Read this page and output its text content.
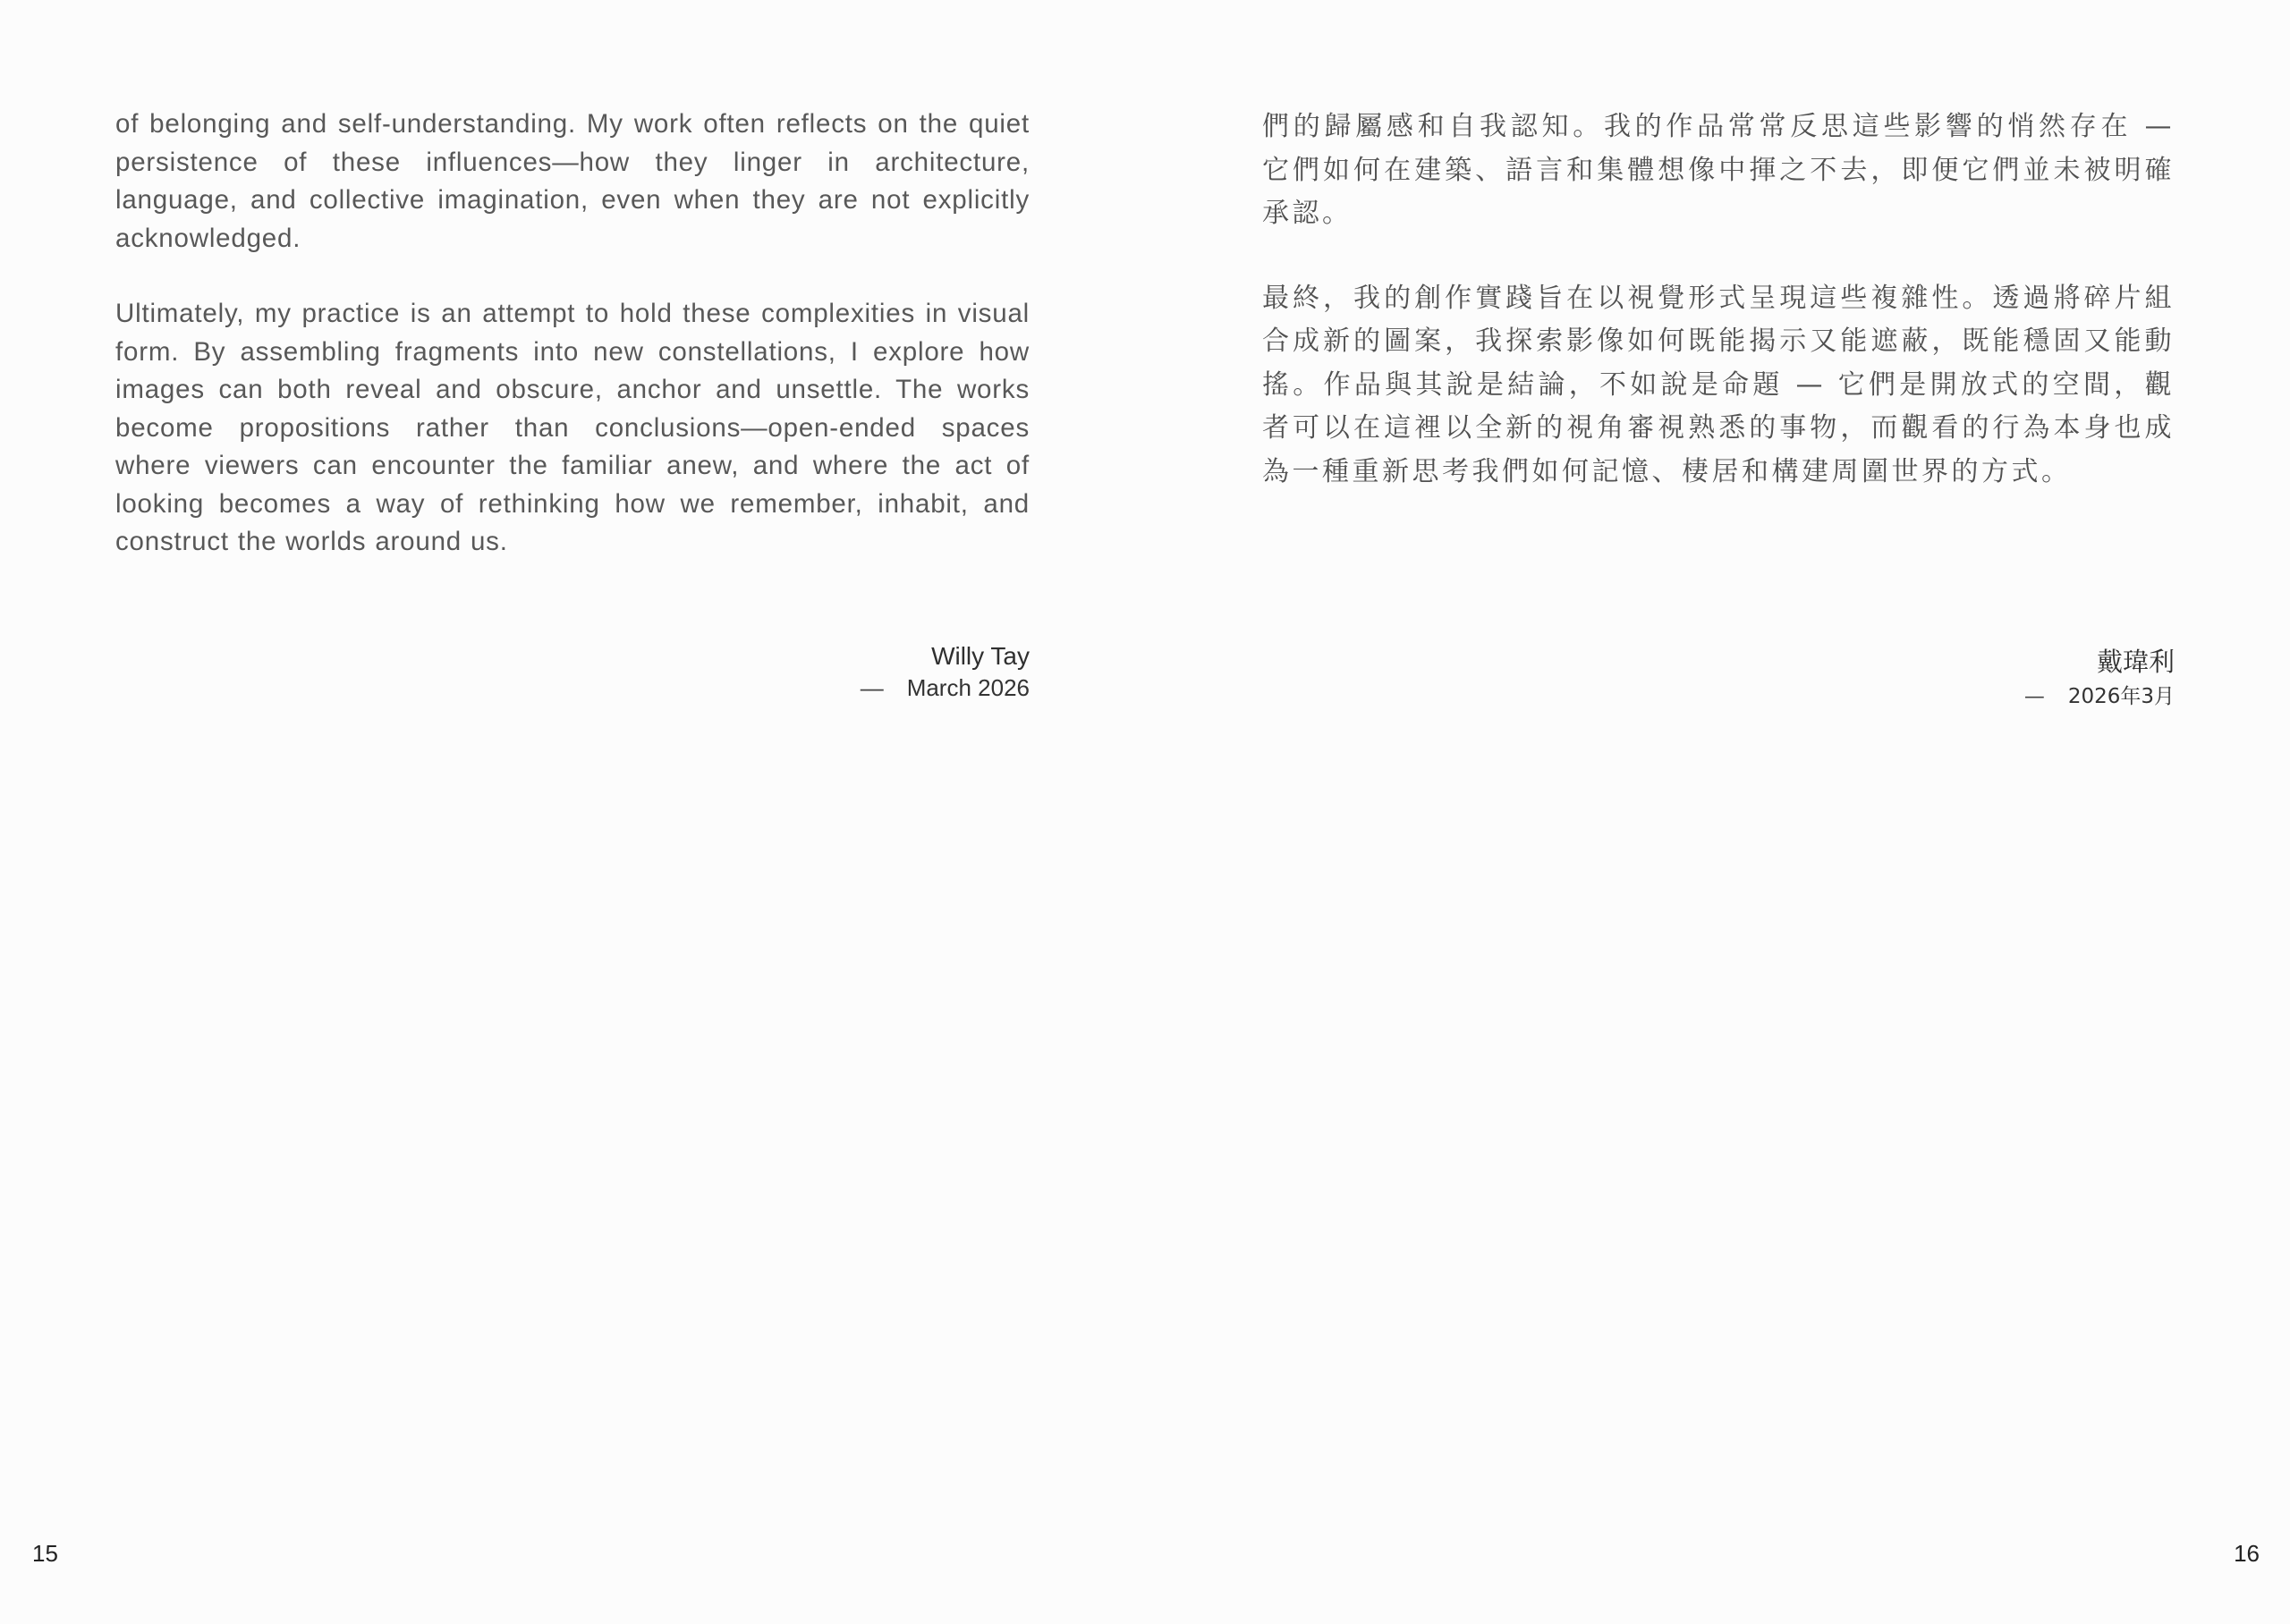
of belonging and self-understanding. My work often reflects on the quiet persistence of these influences—how they linger in architecture, language, and collective imagination, even when they are not explicitly acknowledged.

Ultimately, my practice is an attempt to hold these complexities in visual form. By assembling fragments into new constellations, I explore how images can both reveal and obscure, anchor and unsettle. The works become propositions rather than conclusions—open-ended spaces where viewers can encounter the familiar anew, and where the act of looking becomes a way of rethinking how we remember, inhabit, and construct the worlds around us.

Willy Tay
— March 2026
15

們的歸屬感和自我認知。我的作品常常反思這些影響的悄然存在 — 它們如何在建築、語言和集體想像中揮之不去，即便它們並未被明確承認。

最終，我的創作實踐旨在以視覺形式呈現這些複雜性。透過將碎片組合成新的圖案，我探索影像如何既能揭示又能遮蔽，既能穩固又能動搖。作品與其說是結論，不如說是命題 — 它們是開放式的空間，觀者可以在這裡以全新的視角審視熟悉的事物，而觀看的行為本身也成為一種重新思考我們如何記憶、棲居和構建周圍世界的方式。

戴瑋利
— 2026年3月
16
